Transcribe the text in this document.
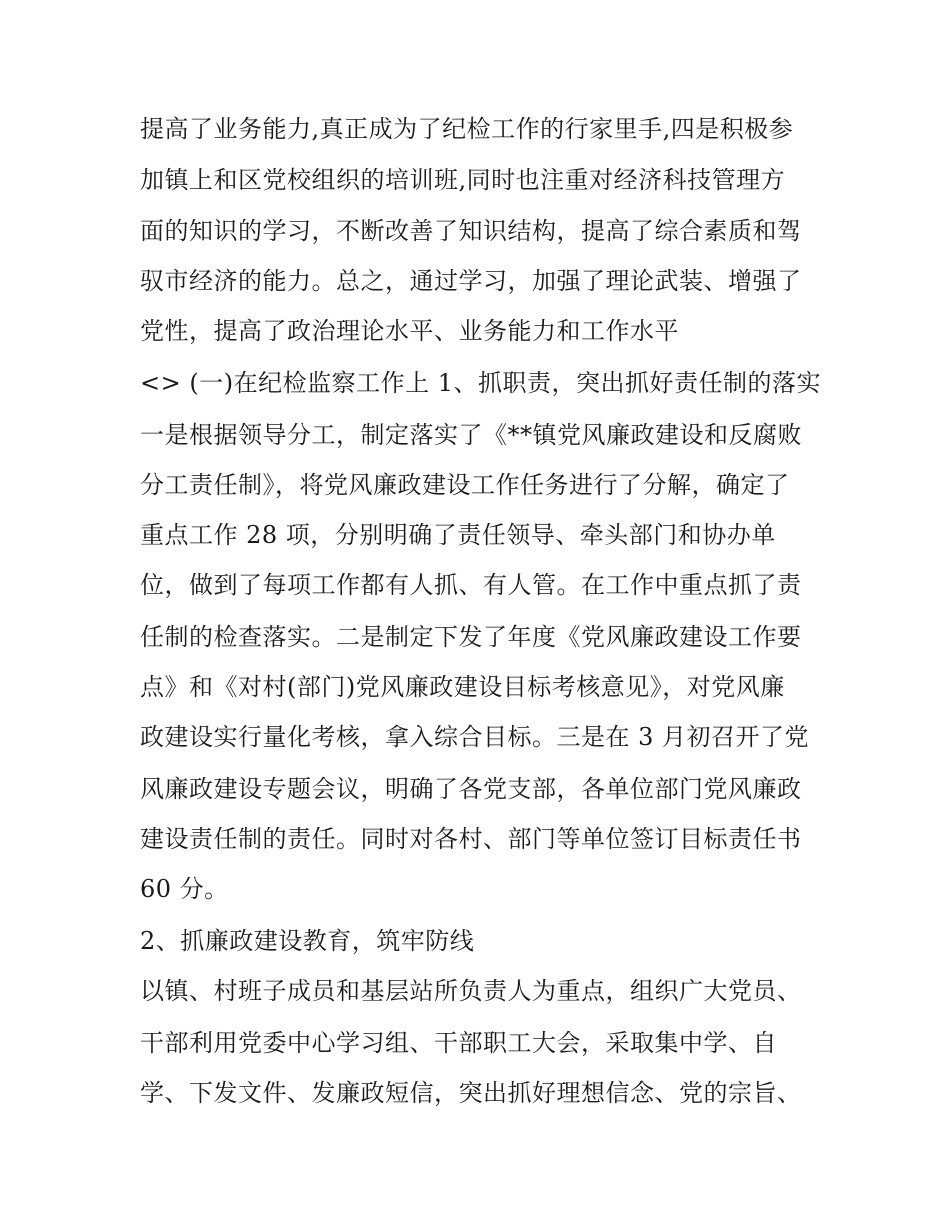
提高了业务能力,真正成为了纪检工作的行家里手,四是积极参
加镇上和区党校组织的培训班,同时也注重对经济科技管理方
面的知识的学习，不断改善了知识结构，提高了综合素质和驾
驭市经济的能力。总之，通过学习，加强了理论武装、增强了
党性，提高了政治理论水平、业务能力和工作水平
<> (一)在纪检监察工作上 1、抓职责，突出抓好责任制的落实
一是根据领导分工，制定落实了《**镇党风廉政建设和反腐败
分工责任制》，将党风廉政建设工作任务进行了分解，确定了
重点工作 28 项，分别明确了责任领导、牵头部门和协办单
位，做到了每项工作都有人抓、有人管。在工作中重点抓了责
任制的检查落实。二是制定下发了年度《党风廉政建设工作要
点》和《对村(部门)党风廉政建设目标考核意见》，对党风廉
政建设实行量化考核，拿入综合目标。三是在 3 月初召开了党
风廉政建设专题会议，明确了各党支部，各单位部门党风廉政
建设责任制的责任。同时对各村、部门等单位签订目标责任书
60 分。
2、抓廉政建设教育，筑牢防线
以镇、村班子成员和基层站所负责人为重点，组织广大党员、
干部利用党委中心学习组、干部职工大会，采取集中学、自
学、下发文件、发廉政短信，突出抓好理想信念、党的宗旨、
